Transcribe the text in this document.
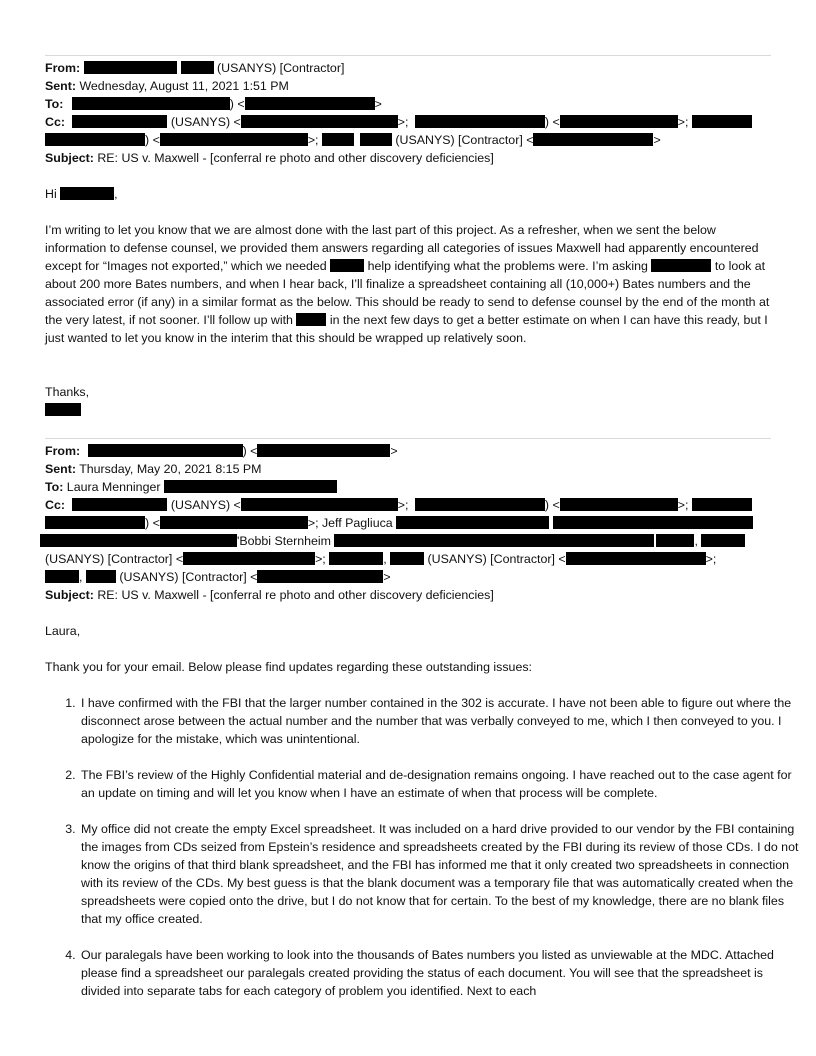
From:	(USANYS) [Contractor]
Sent: Wednesday, August 11, 2021 1:51 PM
To:	) <	>
Cc:	(USANYS) <	>;	) <	>;
) <	>;	(USANYS) [Contractor] <	>
Subject: RE: US v. Maxwell - [conferral re photo and other discovery deficiencies]
Hi	,
I’m writing to let you know that we are almost done with the last part of this project. As a refresher, when we sent the below information to defense counsel, we provided them answers regarding all categories of issues Maxwell had apparently encountered except for “Images not exported,” which we needed	help identifying what the problems were. I’m asking	to look at about 200 more Bates numbers, and when I hear back, I’ll finalize a spreadsheet containing all (10,000+) Bates numbers and the associated error (if any) in a similar format as the below. This should be ready to send to defense counsel by the end of the month at the very latest, if not sooner. I’ll follow up with	in the next few days to get a better estimate on when I can have this ready, but I just wanted to let you know in the interim that this should be wrapped up relatively soon.
Thanks,
From:	) <	>
Sent: Thursday, May 20, 2021 8:15 PM
To: Laura Menninger
Cc:	(USANYS) <	>;	) <	>;
) <	>; Jeff Pagliuca
'Bobbi Sternheim	,
(USANYS) [Contractor] <	>;	,	(USANYS) [Contractor] <	>;
,	(USANYS) [Contractor] <	>
Subject: RE: US v. Maxwell - [conferral re photo and other discovery deficiencies]
Laura,
Thank you for your email. Below please find updates regarding these outstanding issues:
1. I have confirmed with the FBI that the larger number contained in the 302 is accurate. I have not been able to figure out where the disconnect arose between the actual number and the number that was verbally conveyed to me, which I then conveyed to you. I apologize for the mistake, which was unintentional.
2. The FBI’s review of the Highly Confidential material and de-designation remains ongoing. I have reached out to the case agent for an update on timing and will let you know when I have an estimate of when that process will be complete.
3. My office did not create the empty Excel spreadsheet. It was included on a hard drive provided to our vendor by the FBI containing the images from CDs seized from Epstein’s residence and spreadsheets created by the FBI during its review of those CDs. I do not know the origins of that third blank spreadsheet, and the FBI has informed me that it only created two spreadsheets in connection with its review of the CDs. My best guess is that the blank document was a temporary file that was automatically created when the spreadsheets were copied onto the drive, but I do not know that for certain. To the best of my knowledge, there are no blank files that my office created.
4. Our paralegals have been working to look into the thousands of Bates numbers you listed as unviewable at the MDC. Attached please find a spreadsheet our paralegals created providing the status of each document. You will see that the spreadsheet is divided into separate tabs for each category of problem you identified. Next to each
